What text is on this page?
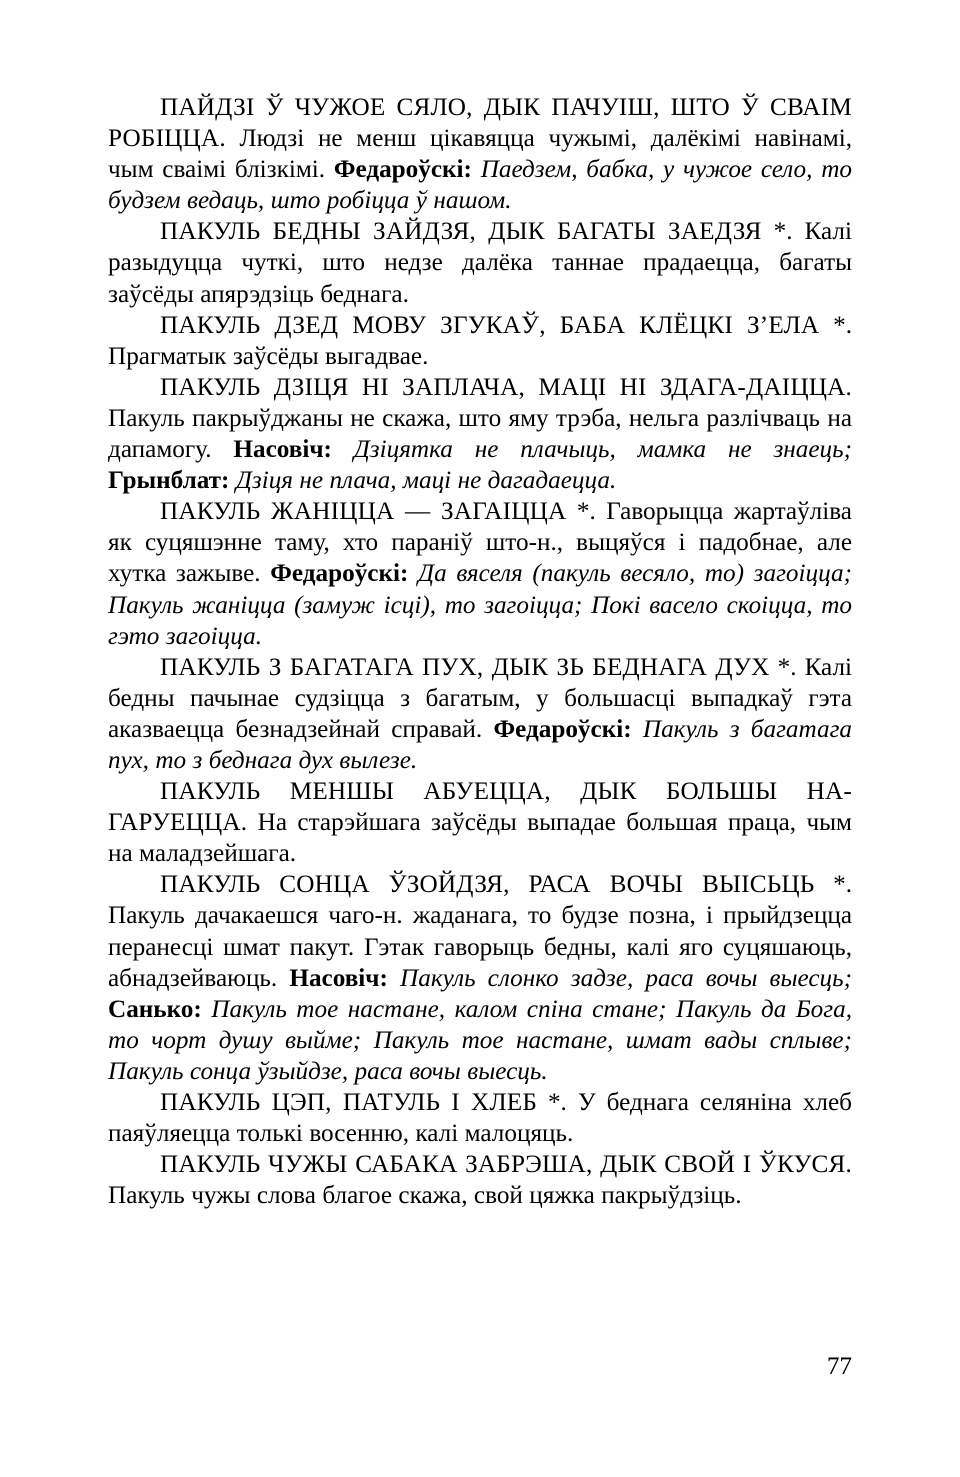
ПАЙДЗІ Ў ЧУЖОЕ СЯЛО, ДЫК ПАЧУІШ, ШТО Ў СВАІМ РОБІЦЦА. Людзі не менш цікавяцца чужымі, далёкімі навінамі, чым сваімі блізкімі. Федароўскі: Паедзем, бабка, у чужое село, то будзем ведаць, што робіцца ў нашом.

ПАКУЛЬ БЕДНЫ ЗАЙДЗЯ, ДЫК БАГАТЫ ЗАЕДЗЯ *. Калі разыдуцца чуткі, што недзе далёка таннае прадаецца, багаты заўсёды апярэдзіць беднага.

ПАКУЛЬ ДЗЕД МОВУ ЗГУКАЎ, БАБА КЛЁЦКІ З’ЕЛА *. Прагматык заўсёды выгадвае.

ПАКУЛЬ ДЗІЦЯ НІ ЗАПЛАЧА, МАЦІ НІ ЗДАГА-ДАІЦЦА. Пакуль пакрыўджаны не скажа, што яму трэба, нельга разлічваць на дапамогу. Насовіч: Дзіцятка не плачыць, мамка не знаець; Грынблат: Дзіця не плача, маці не дагадаецца.

ПАКУЛЬ ЖАНІЦЦА — ЗАГАІЦЦА *. Гаворыцца жартаўліва як суцяшэнне таму, хто параніў што-н., выцяўся і падобнае, але хутка зажыве. Федароўскі: Да вяселя (пакуль весяло, то) загоіцца; Пакуль жаніцца (замуж ісці), то загоіцца; Покі васело скоіцца, то гэто загоіцца.

ПАКУЛЬ З БАГАТАГА ПУХ, ДЫК ЗЬ БЕДНАГА ДУХ *. Калі бедны пачынае судзіцца з багатым, у большасці выпадкаў гэта аказваецца безнадзейнай справай. Федароўскі: Пакуль з багатага пух, то з беднага дух вылезе.

ПАКУЛЬ МЕНШЫ АБУЕЦЦА, ДЫК БОЛЬШЫ НА-ГАРУЕЦЦА. На старэйшага заўсёды выпадае большая праца, чым на маладзейшага.

ПАКУЛЬ СОНЦА ЎЗОЙДЗЯ, РАСА ВОЧЫ ВЫІСЬЦЬ *. Пакуль дачакаешся чаго-н. жаданага, то будзе позна, і прыйдзецца перанесці шмат пакут. Гэтак гаворыць бедны, калі яго суцяшаюць, абнадзейваюць. Насовіч: Пакуль слонко задзе, раса вочы выесць; Санько: Пакуль тое настане, калом спіна стане; Пакуль да Бога, то чорт душу выйме; Пакуль тое настане, шмат вады сплыве; Пакуль сонца ўзыйдзе, раса вочы выесць.

ПАКУЛЬ ЦЭП, ПАТУЛЬ І ХЛЕБ *. У беднага селяніна хлеб паяўляецца толькі восенню, калі малоцяць.

ПАКУЛЬ ЧУЖЫ САБАКА ЗАБРЭША, ДЫК СВОЙ І ЎКУСЯ. Пакуль чужы слова благое скажа, свой цяжка пакрыўдзіць.

77
